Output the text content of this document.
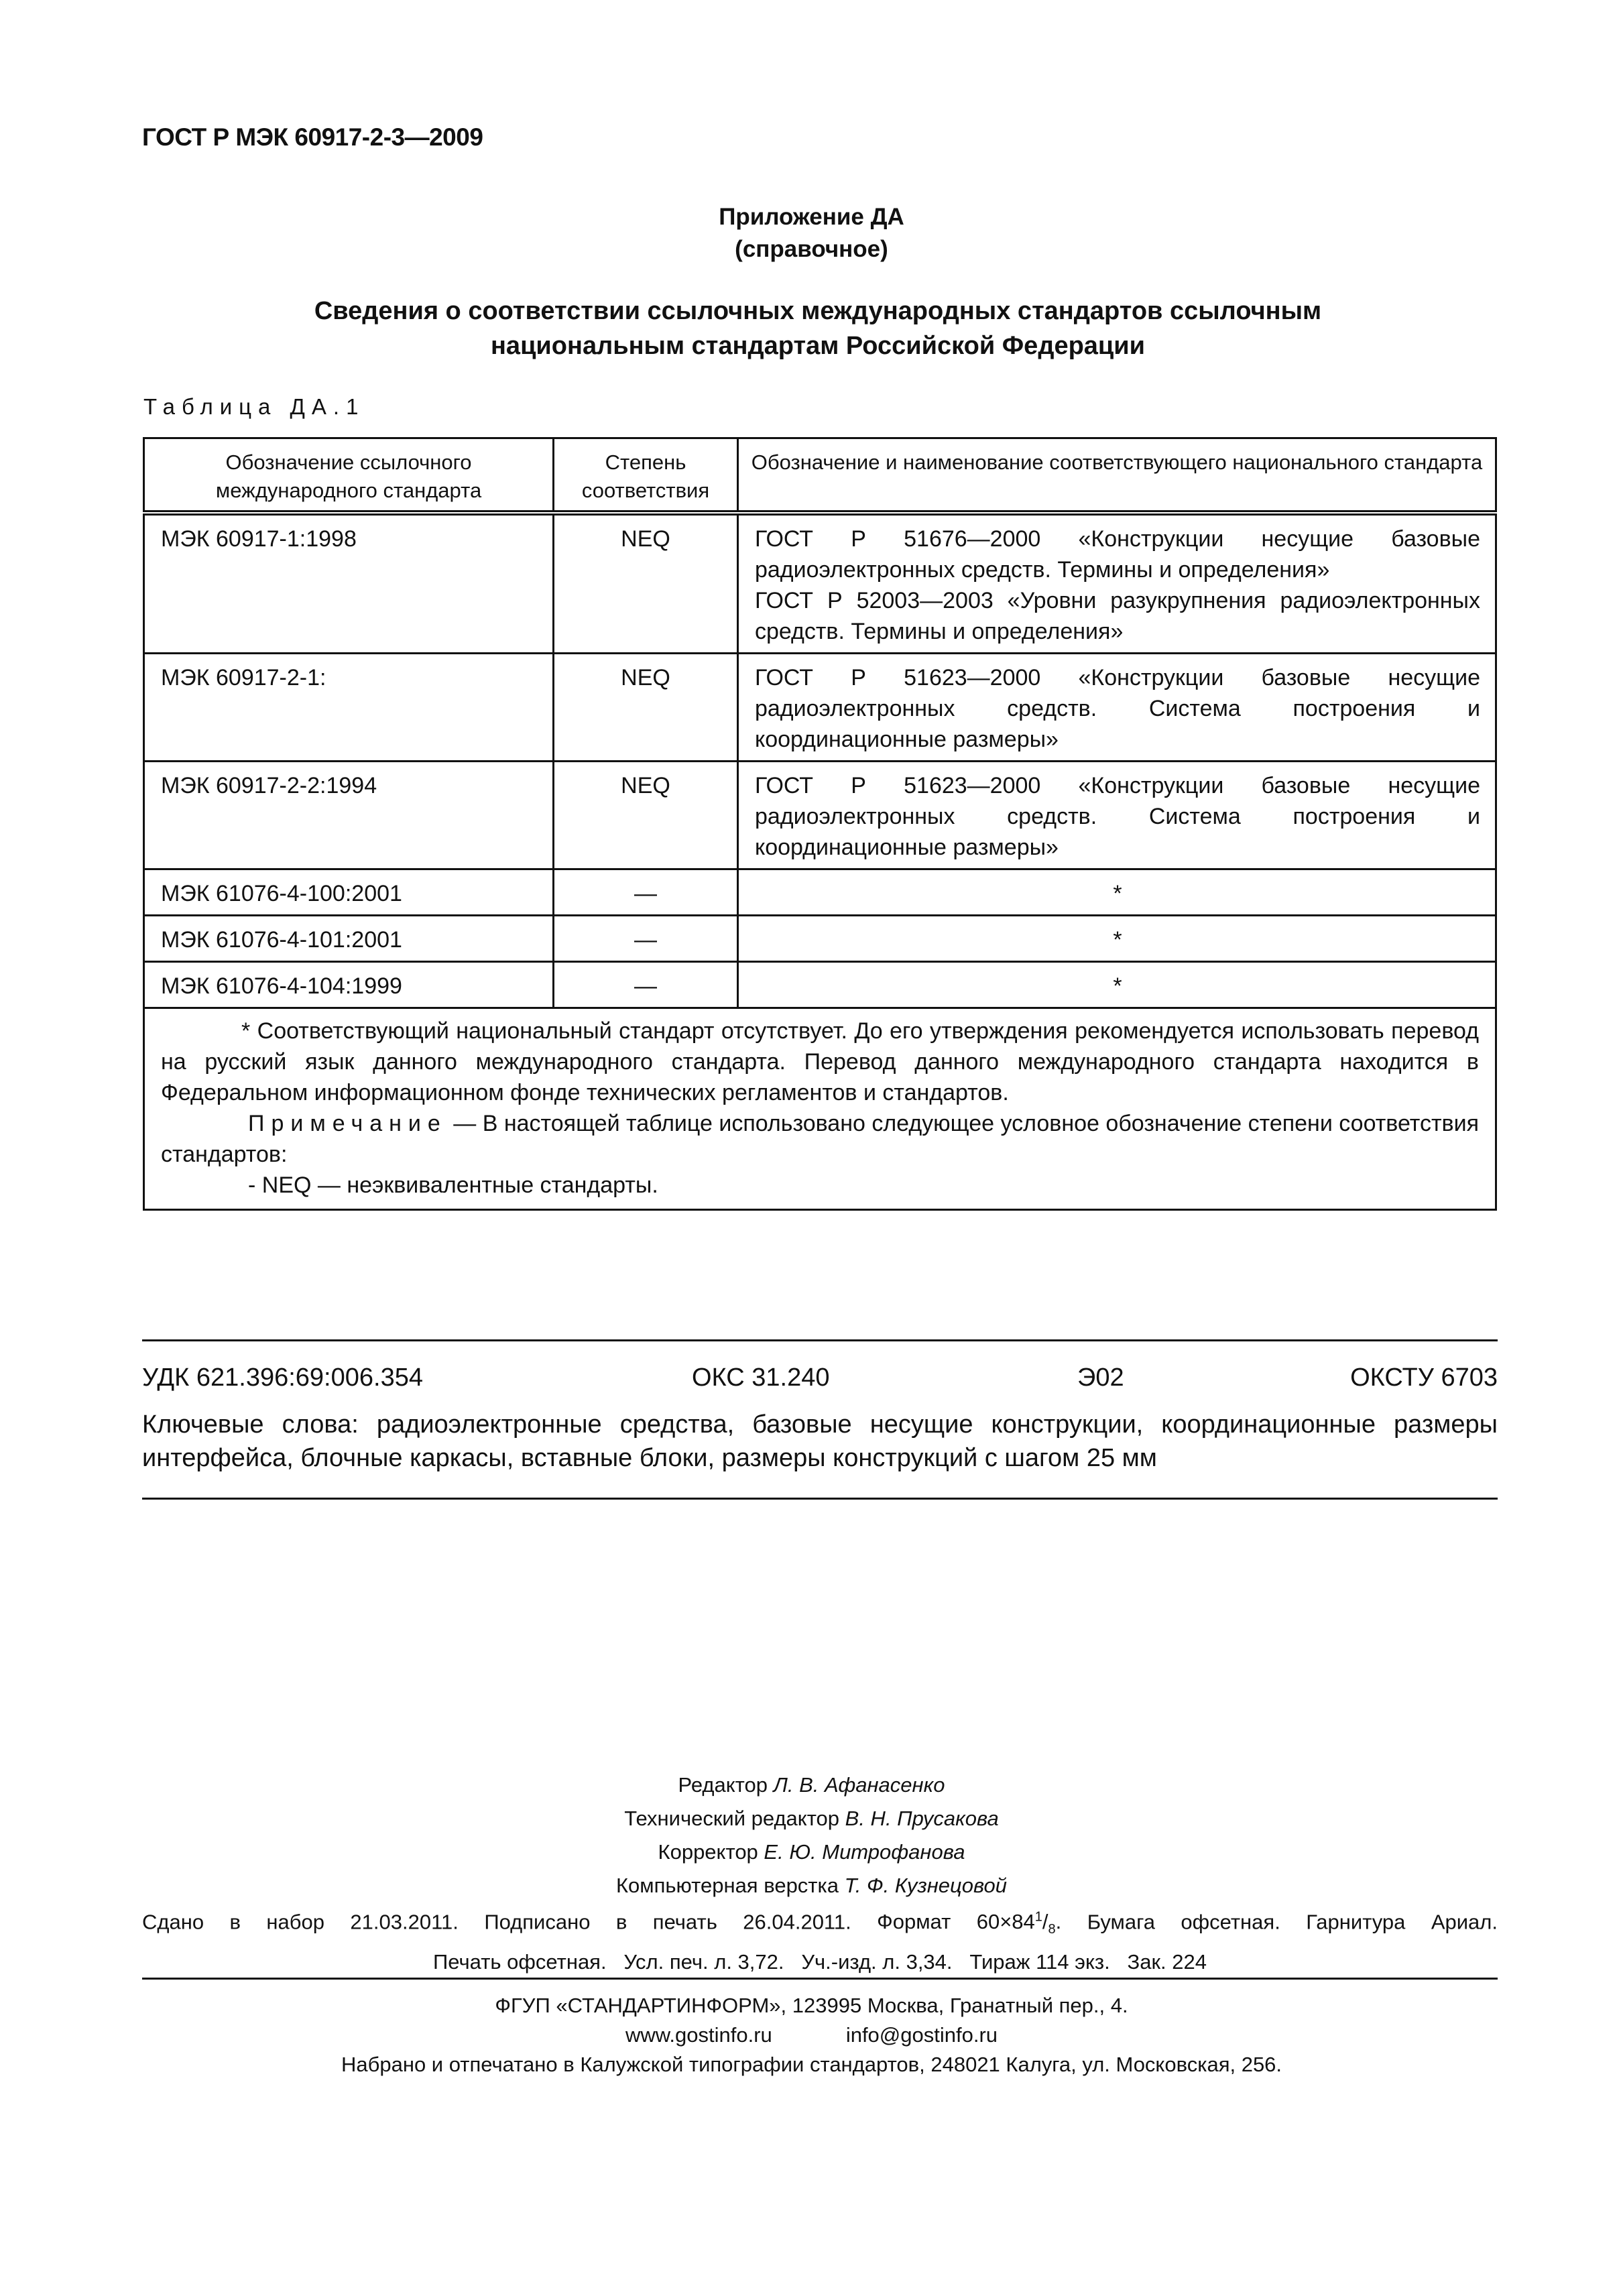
ГОСТ Р МЭК 60917-2-3—2009
Приложение ДА
(справочное)
Сведения о соответствии ссылочных международных стандартов ссылочным
национальным стандартам Российской Федерации
Таблица ДА.1
Обозначение ссылочного международного стандарта	Степень соответствия	Обозначение и наименование соответствующего национального стандарта
МЭК 60917-1:1998	NEQ	ГОСТ Р 51676—2000 «Конструкции несущие базовые радиоэлектронных средств. Термины и определения»
ГОСТ Р 52003—2003 «Уровни разукрупнения радиоэлектронных средств. Термины и определения»

МЭК 60917-2-1:	NEQ	ГОСТ Р 51623—2000 «Конструкции базовые несущие радиоэлектронных средств. Система построения и координационные размеры»
МЭК 60917-2-2:1994	NEQ	ГОСТ Р 51623—2000 «Конструкции базовые несущие радиоэлектронных средств. Система построения и координационные размеры»
МЭК 61076-4-100:2001	—	*
МЭК 61076-4-101:2001	—	*
МЭК 61076-4-104:1999	—	*

* Соответствующий национальный стандарт отсутствует. До его утверждения рекомендуется использовать перевод на русский язык данного международного стандарта. Перевод данного международного стандарта находится в Федеральном информационном фонде технических регламентов и стандартов.
Примечание — В настоящей таблице использовано следующее условное обозначение степени соответствия стандартов:
- NEQ — неэквивалентные стандарты.		
УДК 621.396:69:006.354	ОКС 31.240	Э02	ОКСТУ 6703
Ключевые слова: радиоэлектронные средства, базовые несущие конструкции, координационные размеры интерфейса, блочные каркасы, вставные блоки, размеры конструкций с шагом 25 мм
Редактор Л. В. Афанасенко
Технический редактор В. Н. Прусакова
Корректор Е. Ю. Митрофанова
Компьютерная верстка Т. Ф. Кузнецовой
Сдано в набор 21.03.2011. Подписано в печать 26.04.2011. Формат $60\times 84^1/_8$. Бумага офсетная. Гарнитура Ариал.
Печать офсетная.   Усл. печ. л. 3,72.   Уч.-изд. л. 3,34.   Тираж 114 экз.   Зак. 224
ФГУП «СТАНДАРТИНФОРМ», 123995 Москва, Гранатный пер., 4.
www.gostinfo.ru	info@gostinfo.ru
Набрано и отпечатано в Калужской типографии стандартов, 248021 Калуга, ул. Московская, 256.
